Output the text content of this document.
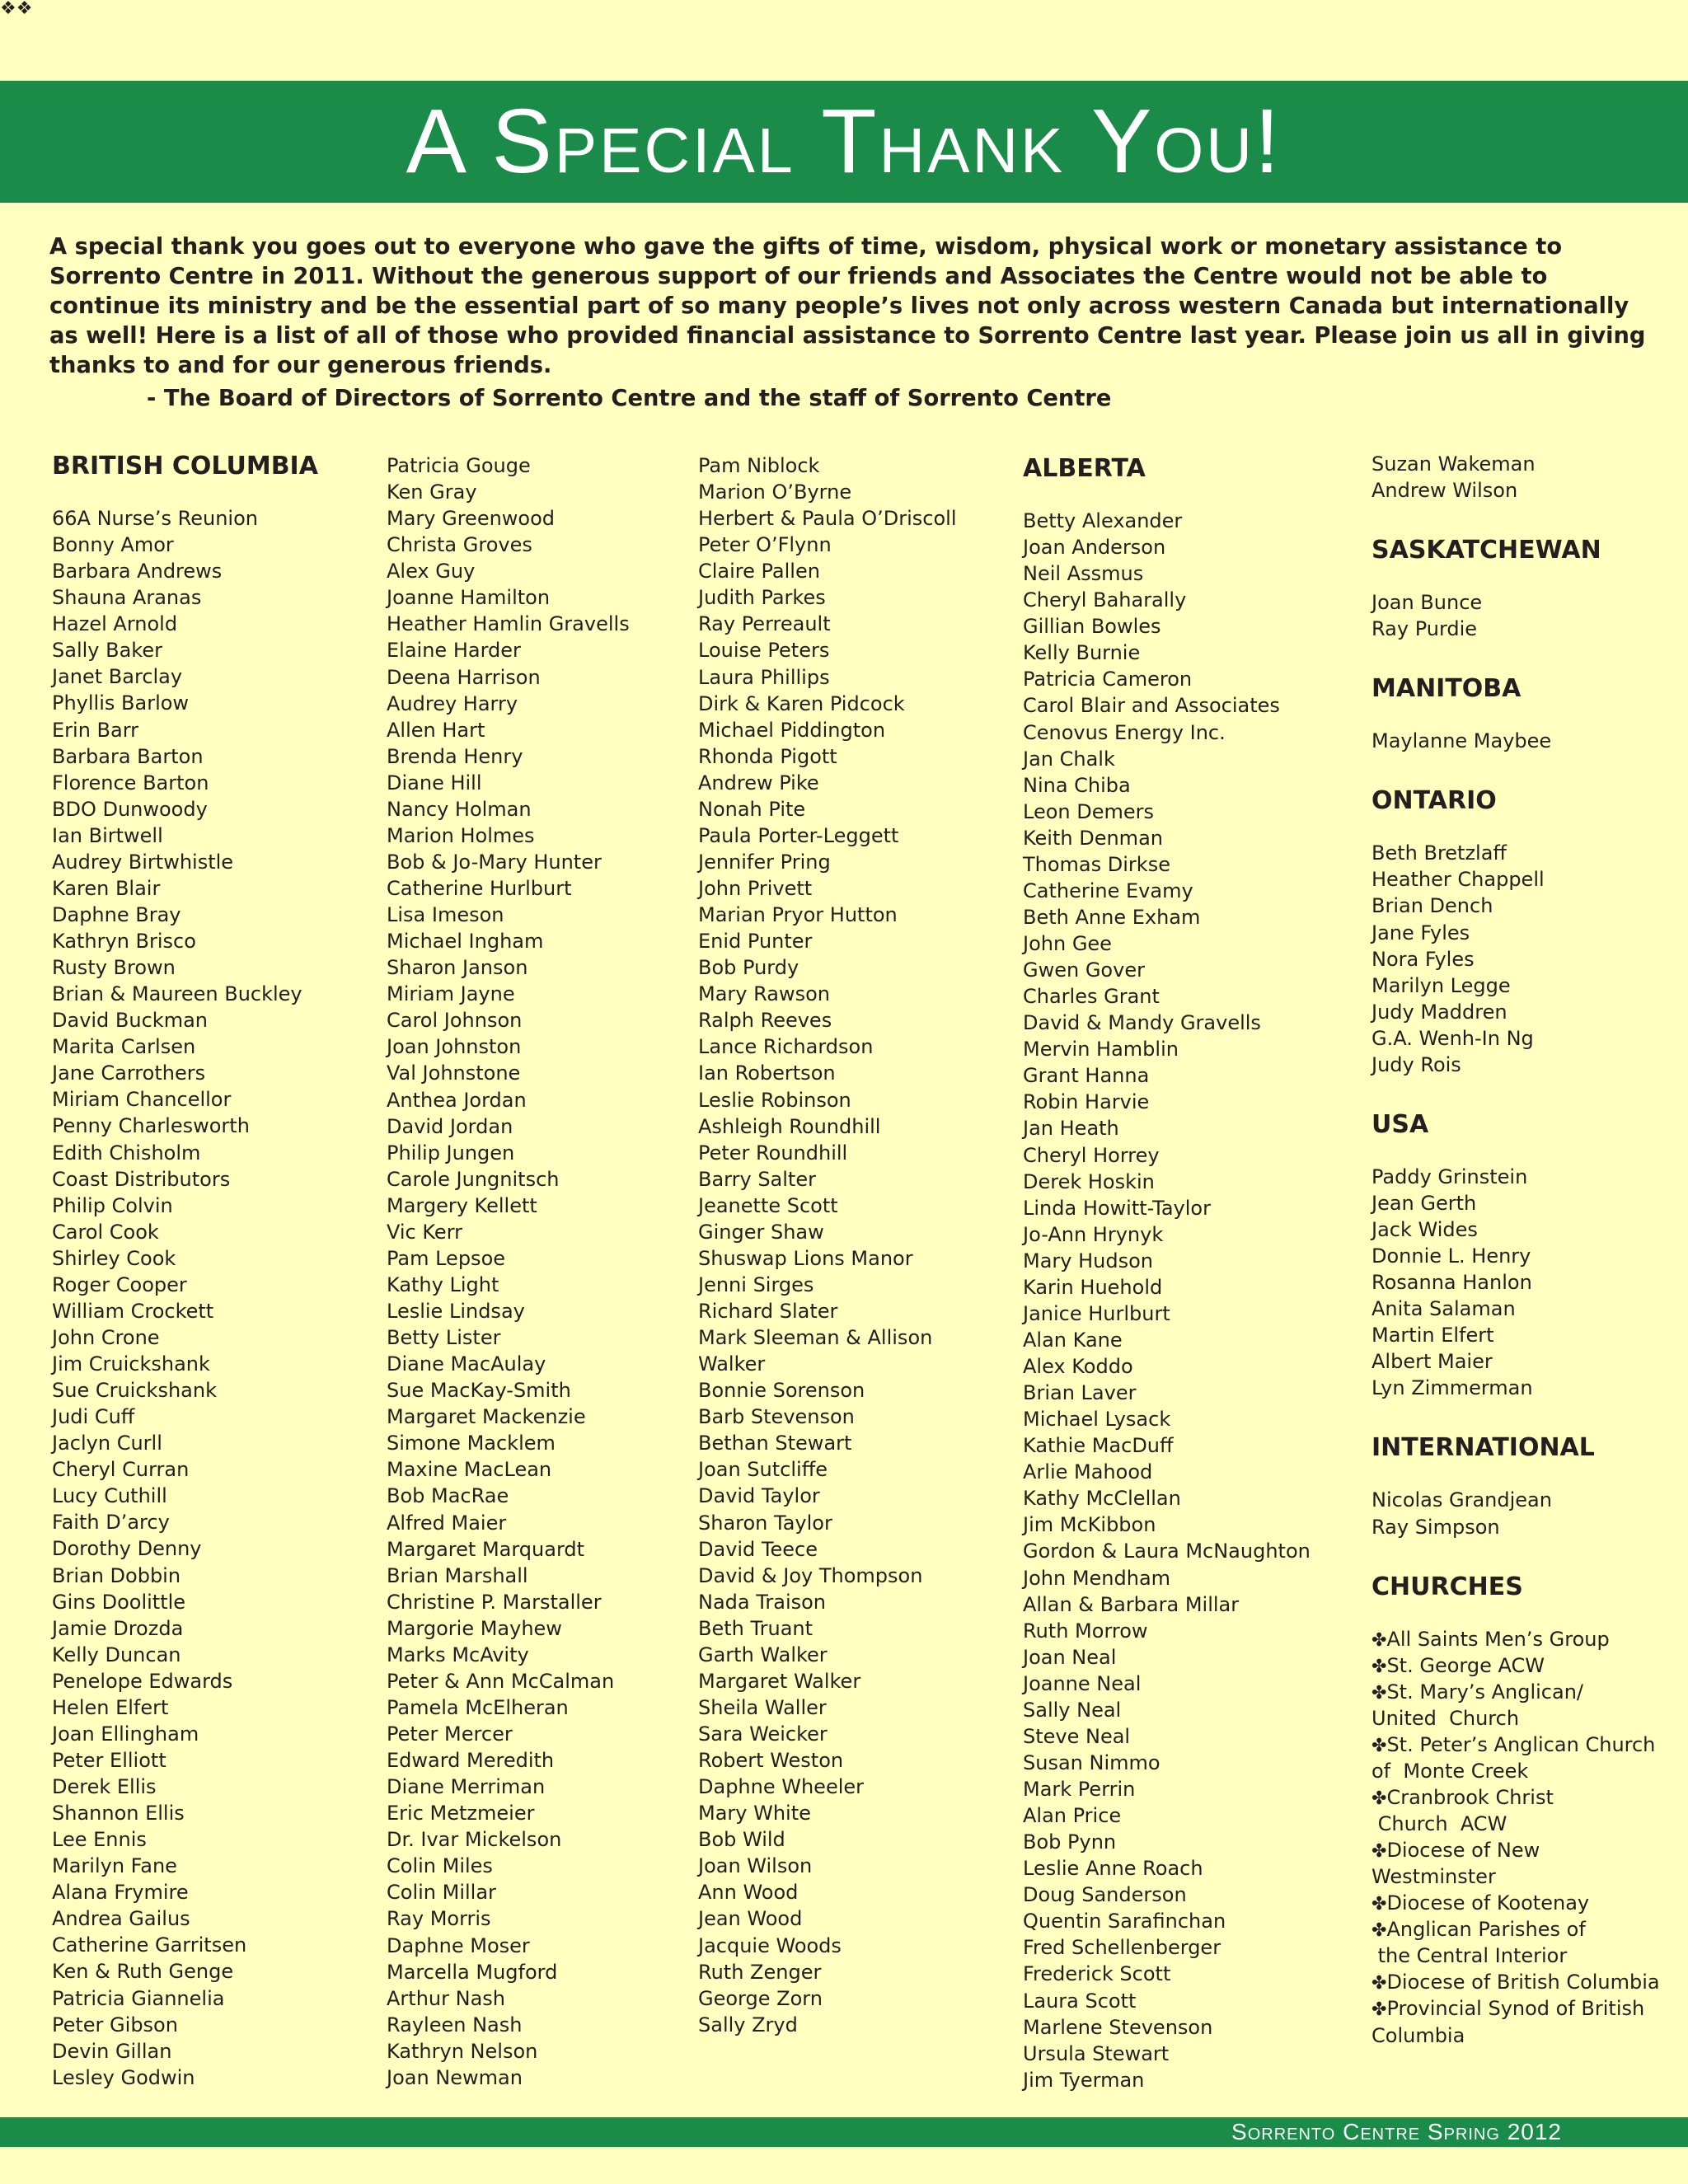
❖❖
A Special Thank You!

A special thank you goes out to everyone who gave the gifts of time, wisdom, physical work or monetary assistance to Sorrento Centre in 2011. Without the generous support of our friends and Associates the Centre would not be able to continue its ministry and be the essential part of so many people’s lives not only across western Canada but internationally as well! Here is a list of all of those who provided financial assistance to Sorrento Centre last year. Please join us all in giving thanks to and for our generous friends.

- The Board of Directors of Sorrento Centre and the staff of Sorrento Centre
BRITISH COLUMBIA
66A Nurse’s Reunion
Bonny Amor
Barbara Andrews
Shauna Aranas
Hazel Arnold
Sally Baker
Janet Barclay
Phyllis Barlow
Erin Barr
Barbara Barton
Florence Barton
BDO Dunwoody
Ian Birtwell
Audrey Birtwhistle
Karen Blair
Daphne Bray
Kathryn Brisco
Rusty Brown
Brian & Maureen Buckley
David Buckman
Marita Carlsen
Jane Carrothers
Miriam Chancellor
Penny Charlesworth
Edith Chisholm
Coast Distributors
Philip Colvin
Carol Cook
Shirley Cook
Roger Cooper
William Crockett
John Crone
Jim Cruickshank
Sue Cruickshank
Judi Cuff
Jaclyn Curll
Cheryl Curran
Lucy Cuthill
Faith D’arcy
Dorothy Denny
Brian Dobbin
Gins Doolittle
Jamie Drozda
Kelly Duncan
Penelope Edwards
Helen Elfert
Joan Ellingham
Peter Elliott
Derek Ellis
Shannon Ellis
Lee Ennis
Marilyn Fane
Alana Frymire
Andrea Gailus
Catherine Garritsen
Ken & Ruth Genge
Patricia Giannelia
Peter Gibson
Devin Gillan
Lesley Godwin
Patricia Gouge
Ken Gray
Mary Greenwood
Christa Groves
Alex Guy
Joanne Hamilton
Heather Hamlin Gravells
Elaine Harder
Deena Harrison
Audrey Harry
Allen Hart
Brenda Henry
Diane Hill
Nancy Holman
Marion Holmes
Bob & Jo-Mary Hunter
Catherine Hurlburt
Lisa Imeson
Michael Ingham
Sharon Janson
Miriam Jayne
Carol Johnson
Joan Johnston
Val Johnstone
Anthea Jordan
David Jordan
Philip Jungen
Carole Jungnitsch
Margery Kellett
Vic Kerr
Pam Lepsoe
Kathy Light
Leslie Lindsay
Betty Lister
Diane MacAulay
Sue MacKay-Smith
Margaret Mackenzie
Simone Macklem
Maxine MacLean
Bob MacRae
Alfred Maier
Margaret Marquardt
Brian Marshall
Christine P. Marstaller
Margorie Mayhew
Marks McAvity
Peter & Ann McCalman
Pamela McElheran
Peter Mercer
Edward Meredith
Diane Merriman
Eric Metzmeier
Dr. Ivar Mickelson
Colin Miles
Colin Millar
Ray Morris
Daphne Moser
Marcella Mugford
Arthur Nash
Rayleen Nash
Kathryn Nelson
Joan Newman
Pam Niblock
Marion O’Byrne
Herbert & Paula O’Driscoll
Peter O’Flynn
Claire Pallen
Judith Parkes
Ray Perreault
Louise Peters
Laura Phillips
Dirk & Karen Pidcock
Michael Piddington
Rhonda Pigott
Andrew Pike
Nonah Pite
Paula Porter-Leggett
Jennifer Pring
John Privett
Marian Pryor Hutton
Enid Punter
Bob Purdy
Mary Rawson
Ralph Reeves
Lance Richardson
Ian Robertson
Leslie Robinson
Ashleigh Roundhill
Peter Roundhill
Barry Salter
Jeanette Scott
Ginger Shaw
Shuswap Lions Manor
Jenni Sirges
Richard Slater
Mark Sleeman & Allison
Walker
Bonnie Sorenson
Barb Stevenson
Bethan Stewart
Joan Sutcliffe
David Taylor
Sharon Taylor
David Teece
David & Joy Thompson
Nada Traison
Beth Truant
Garth Walker
Margaret Walker
Sheila Waller
Sara Weicker
Robert Weston
Daphne Wheeler
Mary White
Bob Wild
Joan Wilson
Ann Wood
Jean Wood
Jacquie Woods
Ruth Zenger
George Zorn
Sally Zryd
ALBERTA
Betty Alexander
Joan Anderson
Neil Assmus
Cheryl Baharally
Gillian Bowles
Kelly Burnie
Patricia Cameron
Carol Blair and Associates
Cenovus Energy Inc.
Jan Chalk
Nina Chiba
Leon Demers
Keith Denman
Thomas Dirkse
Catherine Evamy
Beth Anne Exham
John Gee
Gwen Gover
Charles Grant
David & Mandy Gravells
Mervin Hamblin
Grant Hanna
Robin Harvie
Jan Heath
Cheryl Horrey
Derek Hoskin
Linda Howitt-Taylor
Jo-Ann Hrynyk
Mary Hudson
Karin Huehold
Janice Hurlburt
Alan Kane
Alex Koddo
Brian Laver
Michael Lysack
Kathie MacDuff
Arlie Mahood
Kathy McClellan
Jim McKibbon
Gordon & Laura McNaughton
John Mendham
Allan & Barbara Millar
Ruth Morrow
Joan Neal
Joanne Neal
Sally Neal
Steve Neal
Susan Nimmo
Mark Perrin
Alan Price
Bob Pynn
Leslie Anne Roach
Doug Sanderson
Quentin Sarafinchan
Fred Schellenberger
Frederick Scott
Laura Scott
Marlene Stevenson
Ursula Stewart
Jim Tyerman
Suzan Wakeman
Andrew Wilson
SASKATCHEWAN
Joan Bunce
Ray Purdie
MANITOBA
Maylanne Maybee
ONTARIO
Beth Bretzlaff
Heather Chappell
Brian Dench
Jane Fyles
Nora Fyles
Marilyn Legge
Judy Maddren
G.A. Wenh-In Ng
Judy Rois
USA
Paddy Grinstein
Jean Gerth
Jack Wides
Donnie L. Henry
Rosanna Hanlon
Anita Salaman
Martin Elfert
Albert Maier
Lyn Zimmerman
INTERNATIONAL
Nicolas Grandjean
Ray Simpson
CHURCHES
✤All Saints Men’s Group
✤St. George ACW
✤St. Mary’s Anglican/
United  Church
✤St. Peter’s Anglican Church
of  Monte Creek
✤Cranbrook Christ
Church  ACW
✤Diocese of New
Westminster
✤Diocese of Kootenay
✤Anglican Parishes of
the Central Interior
✤Diocese of British Columbia
✤Provincial Synod of British
Columbia
Sorrento Centre Spring 2012
